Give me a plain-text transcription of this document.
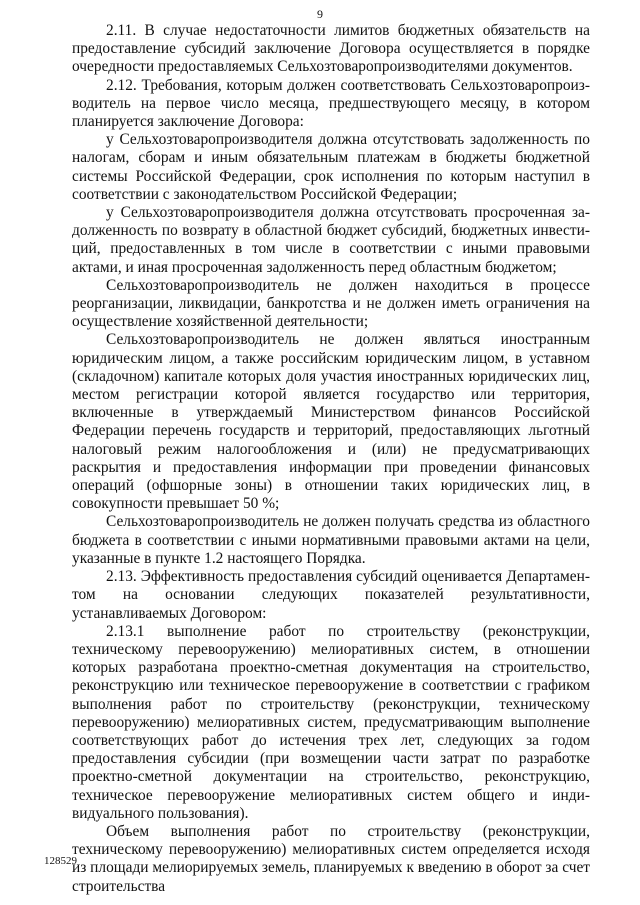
9

2.11. В случае недостаточности лимитов бюджетных обязательств на предоставление субсидий заключение Договора осуществляется в порядке очередности предоставляемых Сельхозтоваропроизводителями документов.

2.12. Требования, которым должен соответствовать Сельхозтоваропроизводитель на первое число месяца, предшествующего месяцу, в котором планируется заключение Договора:

у Сельхозтоваропроизводителя должна отсутствовать задолженность по налогам, сборам и иным обязательным платежам в бюджеты бюджетной системы Российской Федерации, срок исполнения по которым наступил в соответствии с законодательством Российской Федерации;

у Сельхозтоваропроизводителя должна отсутствовать просроченная задолженность по возврату в областной бюджет субсидий, бюджетных инвестиций, предоставленных в том числе в соответствии с иными правовыми актами, и иная просроченная задолженность перед областным бюджетом;

Сельхозтоваропроизводитель не должен находиться в процессе реорганизации, ликвидации, банкротства и не должен иметь ограничения на осуществление хозяйственной деятельности;

Сельхозтоваропроизводитель не должен являться иностранным юридическим лицом, а также российским юридическим лицом, в уставном (складочном) капитале которых доля участия иностранных юридических лиц, местом регистрации которой является государство или территория, включенные в утверждаемый Министерством финансов Российской Федерации перечень государств и территорий, предоставляющих льготный налоговый режим налогообложения и (или) не предусматривающих раскрытия и предоставления информации при проведении финансовых операций (офшорные зоны) в отношении таких юридических лиц, в совокупности превышает 50 %;

Сельхозтоваропроизводитель не должен получать средства из областного бюджета в соответствии с иными нормативными правовыми актами на цели, указанные в пункте 1.2 настоящего Порядка.

2.13. Эффективность предоставления субсидий оценивается Департаментом на основании следующих показателей результативности, устанавливаемых Договором:

2.13.1 выполнение работ по строительству (реконструкции, техническому перевооружению) мелиоративных систем, в отношении которых разработана проектно-сметная документация на строительство, реконструкцию или техническое перевооружение в соответствии с графиком выполнения работ по строительству (реконструкции, техническому перевооружению) мелиоративных систем, предусматривающим выполнение соответствующих работ до истечения трех лет, следующих за годом предоставления субсидии (при возмещении части затрат по разработке проектно-сметной документации на строительство, реконструкцию, техническое перевооружение мелиоративных систем общего и индивидуального пользования).

Объем выполнения работ по строительству (реконструкции, техническому перевооружению) мелиоративных систем определяется исходя из площади мелиорируемых земель, планируемых к введению в оборот за счет строительства

128529
